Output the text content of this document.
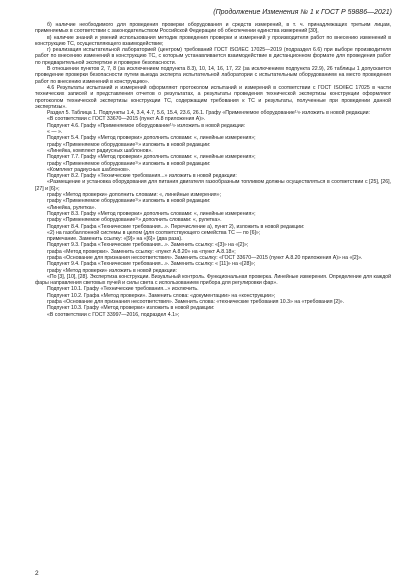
(Продолжение Изменения № 1 к ГОСТ Р 59886—2021)

б) наличие необходимого для проведения проверки оборудования и средств измерений, в т. ч. принадлежащих третьим лицам, применяемых в соответствии с законодательством Российской Федерации об обеспечении единства измерений [30],

в) наличие знаний и умений использования методик проведения проверки и измерений у производителя работ по внесению изменений в конструкцию ТС, осуществляющего взаимодействие;

г) реализация испытательной лабораторией (центром) требований ГОСТ ISO/IEC 17025—2019 (подраздел 6.6) при выборе производителя работ по внесению изменений в конструкцию ТС, с которым устанавливается взаимодействие в дистанционном формате для проведения работ по предварительной экспертизе и проверке безопасности.

В отношении пунктов 2, 7, 8 (за исключением подпункта 8.3), 10, 14, 16, 17, 22 (за исключением подпункта 22.9), 26 таблицы 1 допускается проведение проверки безопасности путем выезда эксперта испытательной лаборатории с испытательным оборудованием на место проведения работ по внесению изменений в конструкцию».

4.6 Результаты испытаний и измерений оформляют протоколом испытаний и измерений в соответствии с ГОСТ ISO/IEC 17025 в части технических записей и представления отчетов о результатах, а результаты проведения технической экспертизы конструкции оформляют протоколом технической экспертизы конструкции ТС, содержащим требования к ТС и результаты, полученные при проведении данной экспертизы».

Раздел 5. Таблица 1. Подпункты 1.4, 3.4, 4.7, 5.6, 15.4, 23.6, 26.1. Графу «Применяемое оборудование¹⁾» изложить в новой редакции:

«В соответствии с ГОСТ 33670—2015 (пункт А.8 приложения А)».

Подпункт 4.6. Графу «Применяемое оборудование¹⁾» изложить в новой редакции:

« — ».

Подпункт 5.4. Графу «Метод проверки» дополнить словами: «, линейные измерения»;

графу «Применяемое оборудование¹⁾» изложить в новой редакции:

«Линейка, комплект радиусных шаблонов».

Подпункт 7.7. Графу «Метод проверки» дополнить словами: «, линейные измерения»;

графу «Применяемое оборудование¹⁾» изложить в новой редакции:

«Комплект радиусных шаблонов».

Подпункт 8.2. Графу «Технические требования...» изложить в новой редакции:

«Размещение и установка оборудования для питания двигателя газообразным топливом должны осуществляться в соответствии с [25], [26], [27] и [6]»;

графу «Метод проверки» дополнить словами: «, линейные измерения»;

графу «Применяемое оборудование¹⁾» изложить в новой редакции:

«Линейка, рулетка».

Подпункт 8.3. Графу «Метод проверки» дополнить словами: «, линейные измерения»;

графу «Применяемое оборудование¹⁾» дополнить словами: «, рулетка».

Подпункт 8.4. Графа «Технические требования...». Перечисление а), пункт 2), изложить в новой редакции:

«2) на газобаллонной системы в целом (для соответствующего семейства ТС — по [6]»;

примечание. Заменить ссылку: «[9]» на «[6]» (два раза).

Подпункт 9.3. Графа «Технические требования...». Заменить ссылку: «[3]» на «[2]»;

графа «Метод проверки». Заменить ссылку: «пункт А.8.20» на «пункт А.8.18»;

графа «Основание для признания несоответствия». Заменить ссылку: «ГОСТ 33670—2015 (пункт А.8.20 приложения А)» на «[2]».

Подпункт 9.4. Графа «Технические требования...». Заменить ссылку: « [11]» на «[28]»;

графу «Метод проверки» изложить в новой редакции:

«По [3], [10], [28]. Экспертиза конструкции. Визуальный контроль. Функциональная проверка. Линейные измерения. Определение для каждой фары направления световых пучей и силы света с использованием прибора для регулировки фар».

Подпункт 10.1. Графу «Технические требования...» исключить.

Подпункт 10.2. Графа «Метод проверки». Заменить слова: «документации» на «конструкции»;

графа «Основание для признания несоответствия». Заменить слова: «технические требования 10.3» на «требования [2]».

Подпункт 10.3. Графу «Метод проверки» изложить в новой редакции:

«В соответствии с ГОСТ 33997—2016, подраздел 4.1»;

2
